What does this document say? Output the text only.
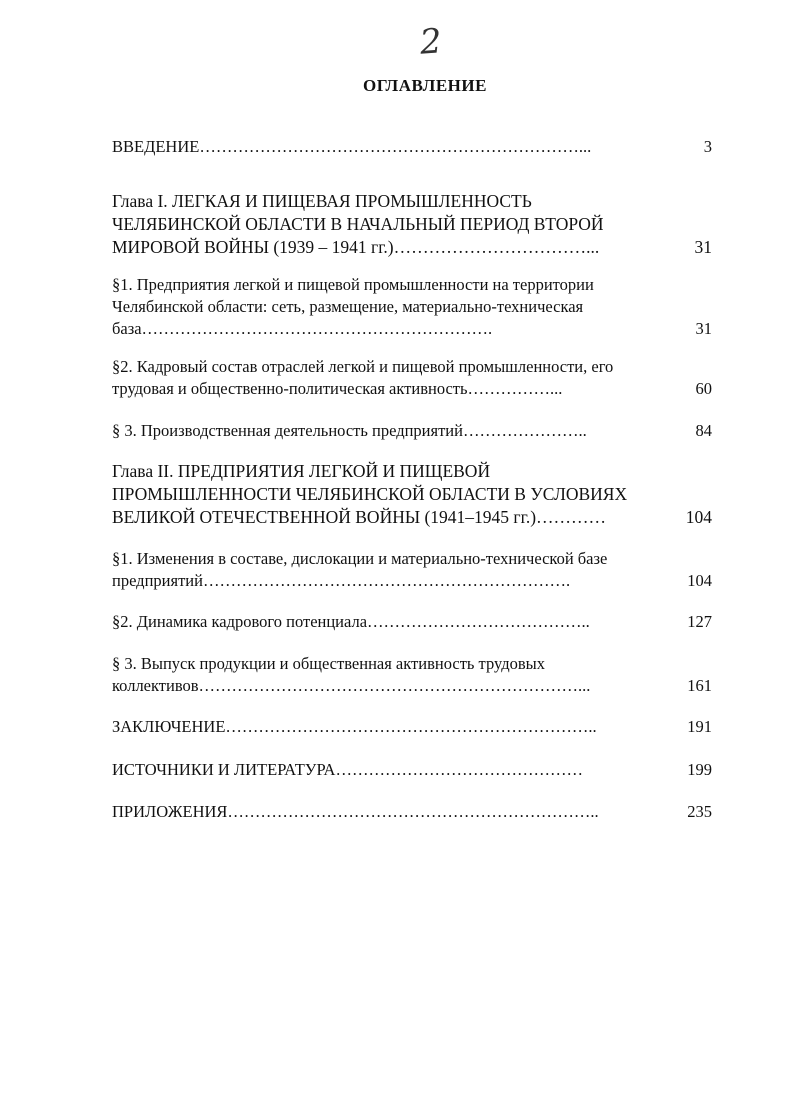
2
ОГЛАВЛЕНИЕ
ВВЕДЕНИЕ……………………………………………………………...	3
Глава I. ЛЕГКАЯ И ПИЩЕВАЯ ПРОМЫШЛЕННОСТЬ ЧЕЛЯБИНСКОЙ ОБЛАСТИ В НАЧАЛЬНЫЙ ПЕРИОД ВТОРОЙ МИРОВОЙ ВОЙНЫ (1939 – 1941 гг.)……………………………...	31
§1. Предприятия легкой и пищевой промышленности на территории Челябинской области: сеть, размещение, материально-техническая база……………………………………………………….	31
§2. Кадровый состав отраслей легкой и пищевой промышленности, его трудовая и общественно-политическая активность……………...	60
§ 3. Производственная деятельность предприятий…………………..	84
Глава II. ПРЕДПРИЯТИЯ ЛЕГКОЙ И ПИЩЕВОЙ ПРОМЫШЛЕННОСТИ ЧЕЛЯБИНСКОЙ ОБЛАСТИ В УСЛОВИЯХ ВЕЛИКОЙ ОТЕЧЕСТВЕННОЙ ВОЙНЫ (1941–1945 гг.)…………	104
§1. Изменения в составе, дислокации и материально-технической базе предприятий………………………………………………………….	104
§2. Динамика кадрового потенциала…………………………………..	127
§ 3. Выпуск продукции и общественная активность трудовых коллективов……………………………………………………………...	161
ЗАКЛЮЧЕНИЕ…………………………………………………………..	191
ИСТОЧНИКИ И ЛИТЕРАТУРА………………………………………	199
ПРИЛОЖЕНИЯ…………………………………………………………..	235
